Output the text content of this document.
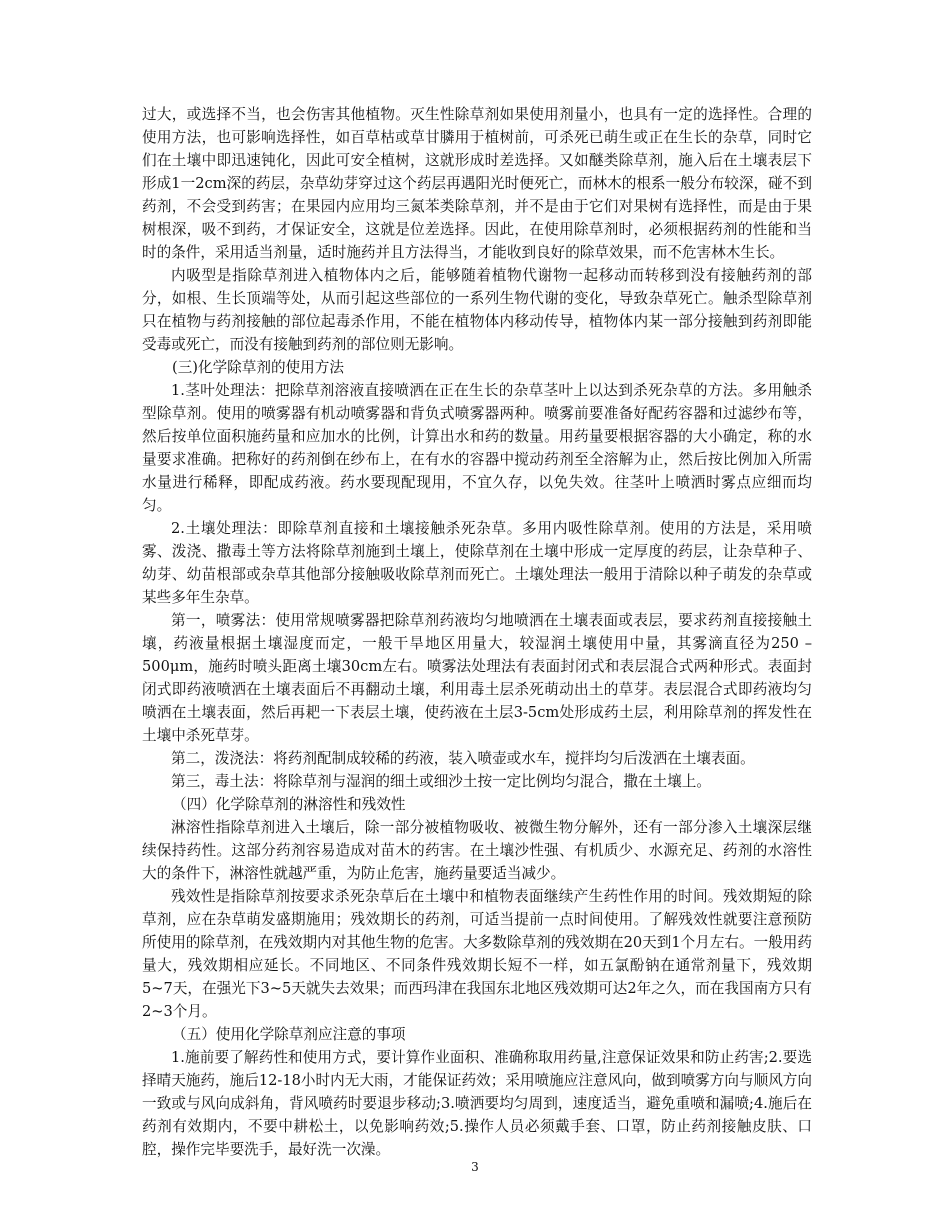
过大，或选择不当，也会伤害其他植物。灭生性除草剂如果使用剂量小，也具有一定的选择性。合理的使用方法，也可影响选择性，如百草枯或草甘膦用于植树前，可杀死已萌生或正在生长的杂草，同时它们在土壤中即迅速钝化，因此可安全植树，这就形成时差选择。又如醚类除草剂，施入后在土壤表层下形成1一2cm深的药层，杂草幼芽穿过这个药层再遇阳光时便死亡，而林木的根系一般分布较深，碰不到药剂，不会受到药害；在果园内应用均三氮苯类除草剂，并不是由于它们对果树有选择性，而是由于果树根深，吸不到药，才保证安全，这就是位差选择。因此，在使用除草剂时，必须根据药剂的性能和当时的条件，采用适当剂量，适时施药并且方法得当，才能收到良好的除草效果，而不危害林木生长。

内吸型是指除草剂进入植物体内之后，能够随着植物代谢物一起移动而转移到没有接触药剂的部分，如根、生长顶端等处，从而引起这些部位的一系列生物代谢的变化，导致杂草死亡。触杀型除草剂只在植物与药剂接触的部位起毒杀作用，不能在植物体内移动传导，植物体内某一部分接触到药剂即能受毒或死亡，而没有接触到药剂的部位则无影响。

(三)化学除草剂的使用方法

1.茎叶处理法：把除草剂溶液直接喷洒在正在生长的杂草茎叶上以达到杀死杂草的方法。多用触杀型除草剂。使用的喷雾器有机动喷雾器和背负式喷雾器两种。喷雾前要准备好配药容器和过滤纱布等，然后按单位面积施药量和应加水的比例，计算出水和药的数量。用药量要根据容器的大小确定，称的水量要求准确。把称好的药剂倒在纱布上，在有水的容器中搅动药剂至全溶解为止，然后按比例加入所需水量进行稀释，即配成药液。药水要现配现用，不宜久存，以免失效。往茎叶上喷洒时雾点应细而均匀。

2.土壤处理法：即除草剂直接和土壤接触杀死杂草。多用内吸性除草剂。使用的方法是，采用喷雾、泼浇、撒毒土等方法将除草剂施到土壤上，使除草剂在土壤中形成一定厚度的药层，让杂草种子、幼芽、幼苗根部或杂草其他部分接触吸收除草剂而死亡。土壤处理法一般用于清除以种子萌发的杂草或某些多年生杂草。

第一，喷雾法：使用常规喷雾器把除草剂药液均匀地喷洒在土壤表面或表层，要求药剂直接接触土壤，药液量根据土壤湿度而定，一般干旱地区用量大，较湿润土壤使用中量，其雾滴直径为250 – 500μm，施药时喷头距离土壤30cm左右。喷雾法处理法有表面封闭式和表层混合式两种形式。表面封闭式即药液喷洒在土壤表面后不再翻动土壤，利用毒土层杀死萌动出土的草芽。表层混合式即药液均匀喷洒在土壤表面，然后再耙一下表层土壤，使药液在土层3-5cm处形成药土层，利用除草剂的挥发性在土壤中杀死草芽。

第二，泼浇法：将药剂配制成较稀的药液，装入喷壶或水车，搅拌均匀后泼洒在土壤表面。

第三，毒土法：将除草剂与湿润的细土或细沙土按一定比例均匀混合，撒在土壤上。

（四）化学除草剂的淋溶性和残效性

淋溶性指除草剂进入土壤后，除一部分被植物吸收、被微生物分解外，还有一部分渗入土壤深层继续保持药性。这部分药剂容易造成对苗木的药害。在土壤沙性强、有机质少、水源充足、药剂的水溶性大的条件下，淋溶性就越严重，为防止危害，施药量要适当减少。

残效性是指除草剂按要求杀死杂草后在土壤中和植物表面继续产生药性作用的时间。残效期短的除草剂，应在杂草萌发盛期施用；残效期长的药剂，可适当提前一点时间使用。了解残效性就要注意预防所使用的除草剂，在残效期内对其他生物的危害。大多数除草剂的残效期在20天到1个月左右。一般用药量大，残效期相应延长。不同地区、不同条件残效期长短不一样，如五氯酚钠在通常剂量下，残效期5~7天，在强光下3~5天就失去效果；而西玛津在我国东北地区残效期可达2年之久，而在我国南方只有2~3个月。

（五）使用化学除草剂应注意的事项

1.施前要了解药性和使用方式，要计算作业面积、准确称取用药量,注意保证效果和防止药害;2.要选择晴天施药，施后12-18小时内无大雨，才能保证药效；采用喷施应注意风向，做到喷雾方向与顺风方向一致或与风向成斜角，背风喷药时要退步移动;3.喷洒要均匀周到，速度适当，避免重喷和漏喷;4.施后在药剂有效期内，不要中耕松土，以免影响药效;5.操作人员必须戴手套、口罩，防止药剂接触皮肤、口腔，操作完毕要洗手，最好洗一次澡。

3
